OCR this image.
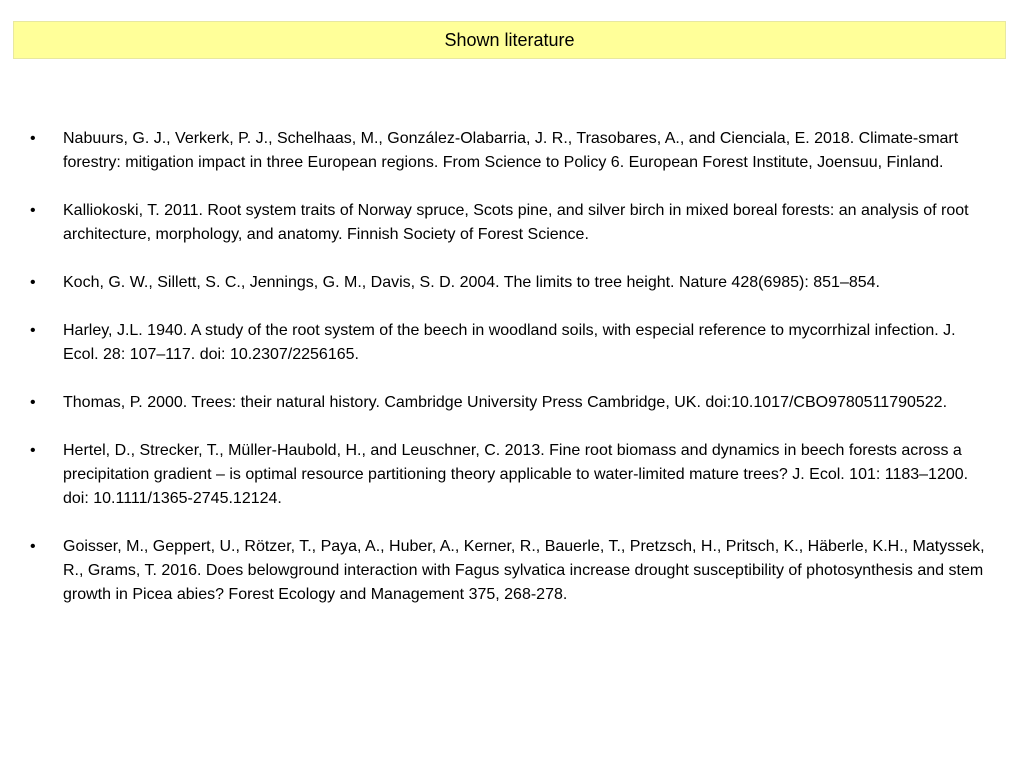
Shown literature
•	Nabuurs, G. J., Verkerk, P. J., Schelhaas, M., González-Olabarria, J. R., Trasobares, A., and Cienciala, E. 2018. Climate-smart forestry: mitigation impact in three European regions. From Science to Policy 6. European Forest Institute, Joensuu, Finland.
•	Kalliokoski, T. 2011. Root system traits of Norway spruce, Scots pine, and silver birch in mixed boreal forests: an analysis of root architecture, morphology, and anatomy. Finnish Society of Forest Science.
•	Koch, G. W., Sillett, S. C., Jennings, G. M., Davis, S. D. 2004. The limits to tree height. Nature 428(6985): 851–854.
•	Harley, J.L. 1940. A study of the root system of the beech in woodland soils, with especial reference to mycorrhizal infection. J. Ecol. 28: 107–117. doi: 10.2307/2256165.
•	Thomas, P. 2000. Trees: their natural history. Cambridge University Press Cambridge, UK. doi:10.1017/CBO9780511790522.
•	Hertel, D., Strecker, T., Müller-Haubold, H., and Leuschner, C. 2013. Fine root biomass and dynamics in beech forests across a precipitation gradient – is optimal resource partitioning theory applicable to water-limited mature trees? J. Ecol. 101: 1183–1200. doi: 10.1111/1365-2745.12124.
•	Goisser, M., Geppert, U., Rötzer, T., Paya, A., Huber, A., Kerner, R., Bauerle, T., Pretzsch, H., Pritsch, K., Häberle, K.H., Matyssek, R., Grams, T. 2016. Does belowground interaction with Fagus sylvatica increase drought susceptibility of photosynthesis and stem growth in Picea abies? Forest Ecology and Management 375, 268-278.
